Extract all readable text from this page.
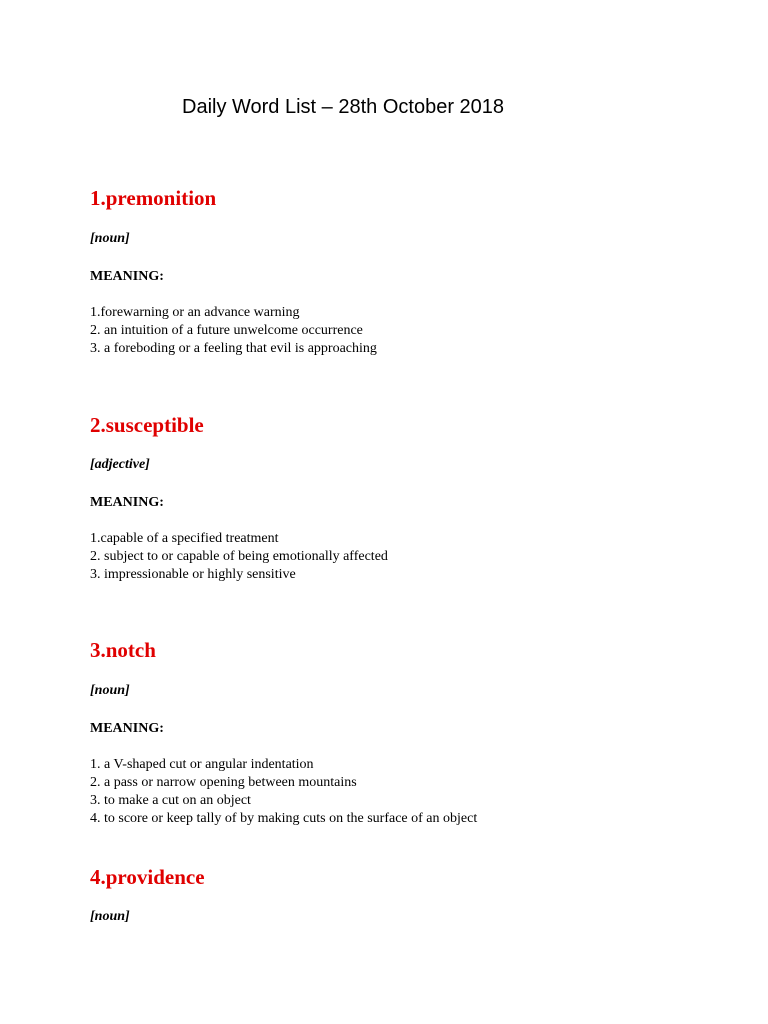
Daily Word List – 28th October 2018
1.premonition
[noun]
MEANING:
1.forewarning or an advance warning
2. an intuition of a future unwelcome occurrence
3. a foreboding or a feeling that evil is approaching
2.susceptible
[adjective]
MEANING:
1.capable of a specified treatment
2. subject to or capable of being emotionally affected
3. impressionable or highly sensitive
3.notch
[noun]
MEANING:
1. a V-shaped cut or angular indentation
2. a pass or narrow opening between mountains
3. to make a cut on an object
4. to score or keep tally of by making cuts on the surface of an object
4.providence
[noun]
